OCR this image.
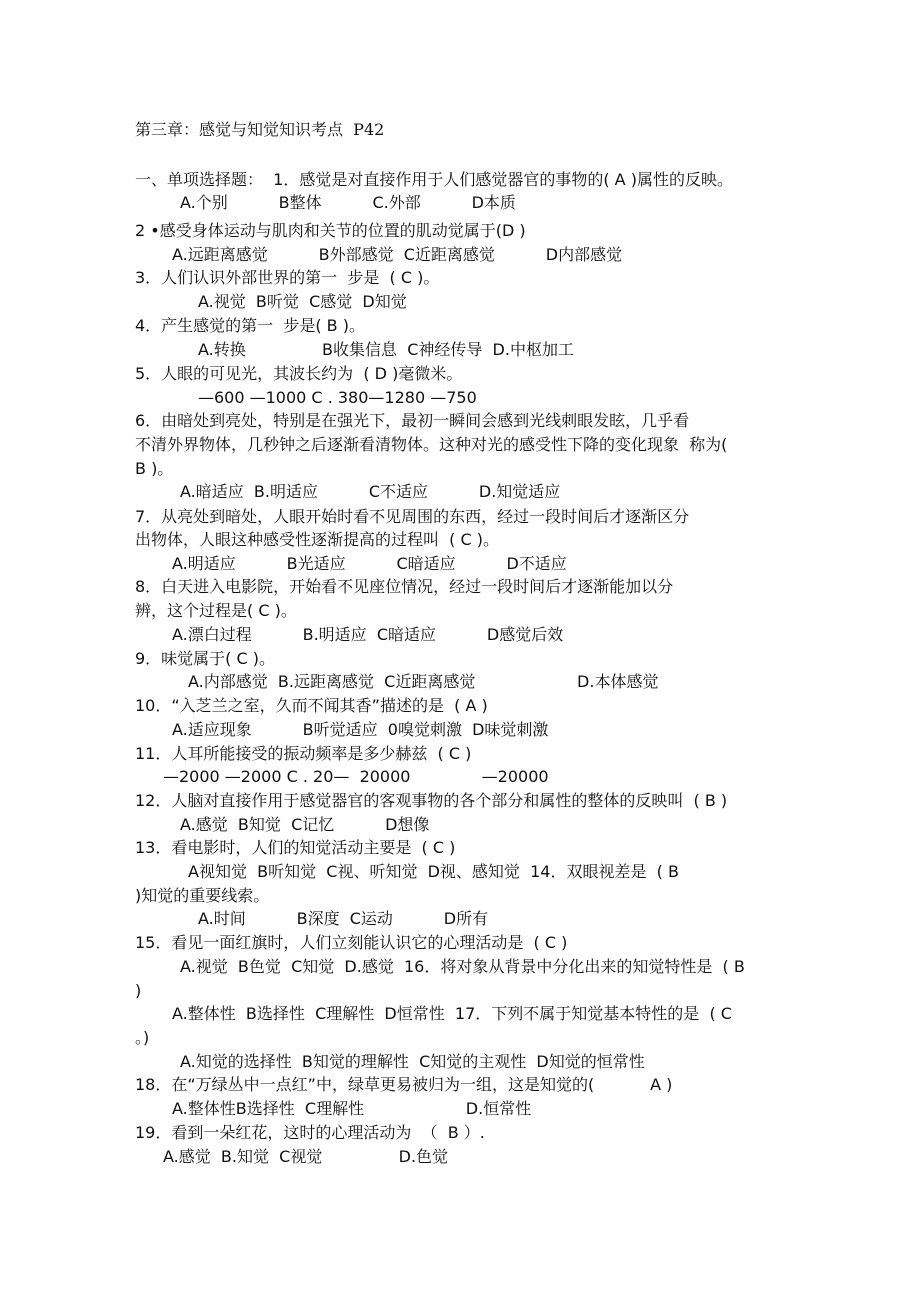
第三章：感觉与知觉知识考点  P42
一、单项选择题：  1．感觉是对直接作用于人们感觉器官的事物的( A )属性的反映。
A.个别          B整体          C.外部          D本质
2 •感受身体运动与肌肉和关节的位置的肌动觉属于(D )
A.远距离感觉          B外部感觉  C近距离感觉          D内部感觉
3．人们认识外部世界的第一  步是  ( C )。
A.视觉  B听觉  C感觉  D知觉
4．产生感觉的第一  步是( B )。
A.转换               B收集信息  C神经传导  D.中枢加工
5．人眼的可见光，其波长约为  ( D )毫微米。
—600 —1000 C . 380—1280 —750
6．由暗处到亮处，特别是在强光下，最初一瞬间会感到光线刺眼发眩，几乎看
不清外界物体，几秒钟之后逐渐看清物体。这种对光的感受性下降的变化现象  称为(
B )。
A.暗适应  B.明适应          C不适应          D.知觉适应
7．从亮处到暗处，人眼开始时看不见周围的东西，经过一段时间后才逐渐区分
出物体，人眼这种感受性逐渐提高的过程叫  ( C )。
A.明适应          B光适应          C暗适应          D不适应
8．白天进入电影院，开始看不见座位情况，经过一段时间后才逐渐能加以分
辨，这个过程是( C )。
A.漂白过程          B.明适应  C暗适应          D感觉后效
9．味觉属于( C )。
A.内部感觉  B.远距离感觉  C近距离感觉                    D.本体感觉
10．“入芝兰之室，久而不闻其香”描述的是  ( A )
A.适应现象          B听觉适应  0嗅觉刺激  D味觉刺激
11．人耳所能接受的振动频率是多少赫兹  ( C )
—2000 —2000 C . 20—  20000              —20000
12．人脑对直接作用于感觉器官的客观事物的各个部分和属性的整体的反映叫  ( B )
A.感觉  B知觉  C记忆          D想像
13．看电影时，人们的知觉活动主要是  ( C )
A视知觉  B听知觉  C视、听知觉  D视、感知觉  14．双眼视差是  ( B
)知觉的重要线索。
A.时间          B深度  C运动          D所有
15．看见一面红旗时，人们立刻能认识它的心理活动是  ( C )
A.视觉  B色觉  C知觉  D.感觉  16．将对象从背景中分化出来的知觉特性是  ( B
)
A.整体性  B选择性  C理解性  D恒常性  17．下列不属于知觉基本特性的是  ( C
。)
A.知觉的选择性  B知觉的理解性  C知觉的主观性  D知觉的恒常性
18．在“万绿丛中一点红”中，绿草更易被归为一组，这是知觉的(           A )
A.整体性B选择性  C理解性                    D.恒常性
19．看到一朵红花，这时的心理活动为  （  B ）.
A.感觉  B.知觉  C视觉               D.色觉
